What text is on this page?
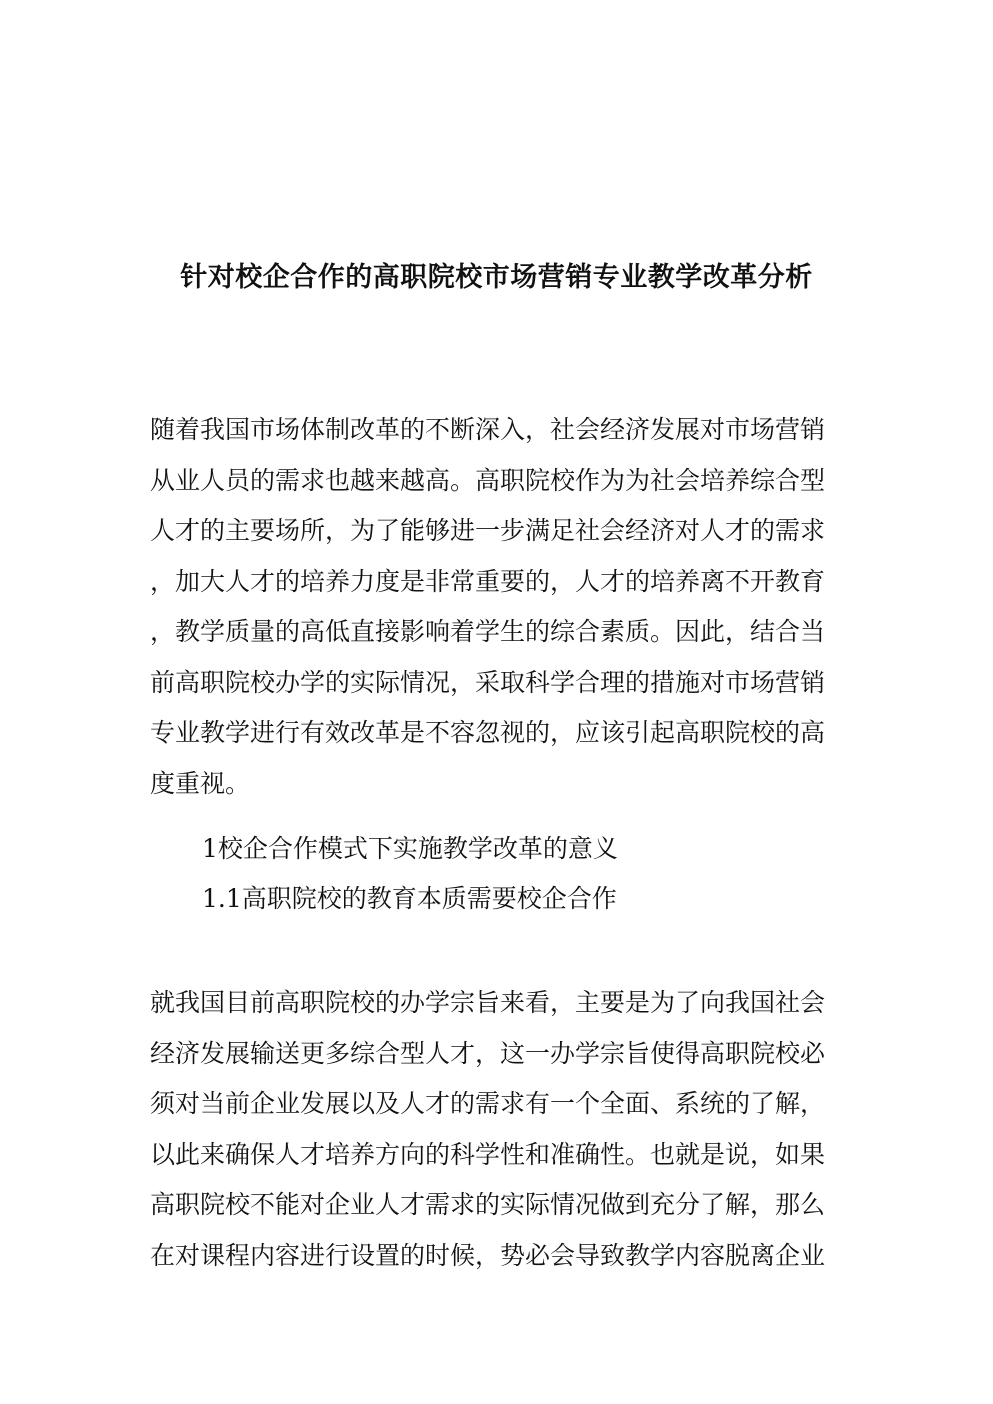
针对校企合作的高职院校市场营销专业教学改革分析
随着我国市场体制改革的不断深入，社会经济发展对市场营销
从业人员的需求也越来越高。高职院校作为为社会培养综合型
人才的主要场所，为了能够进一步满足社会经济对人才的需求
，加大人才的培养力度是非常重要的，人才的培养离不开教育
，教学质量的高低直接影响着学生的综合素质。因此，结合当
前高职院校办学的实际情况，采取科学合理的措施对市场营销
专业教学进行有效改革是不容忽视的，应该引起高职院校的高
度重视。
1校企合作模式下实施教学改革的意义
1.1高职院校的教育本质需要校企合作
就我国目前高职院校的办学宗旨来看，主要是为了向我国社会
经济发展输送更多综合型人才，这一办学宗旨使得高职院校必
须对当前企业发展以及人才的需求有一个全面、系统的了解，
以此来确保人才培养方向的科学性和准确性。也就是说，如果
高职院校不能对企业人才需求的实际情况做到充分了解，那么
在对课程内容进行设置的时候，势必会导致教学内容脱离企业
